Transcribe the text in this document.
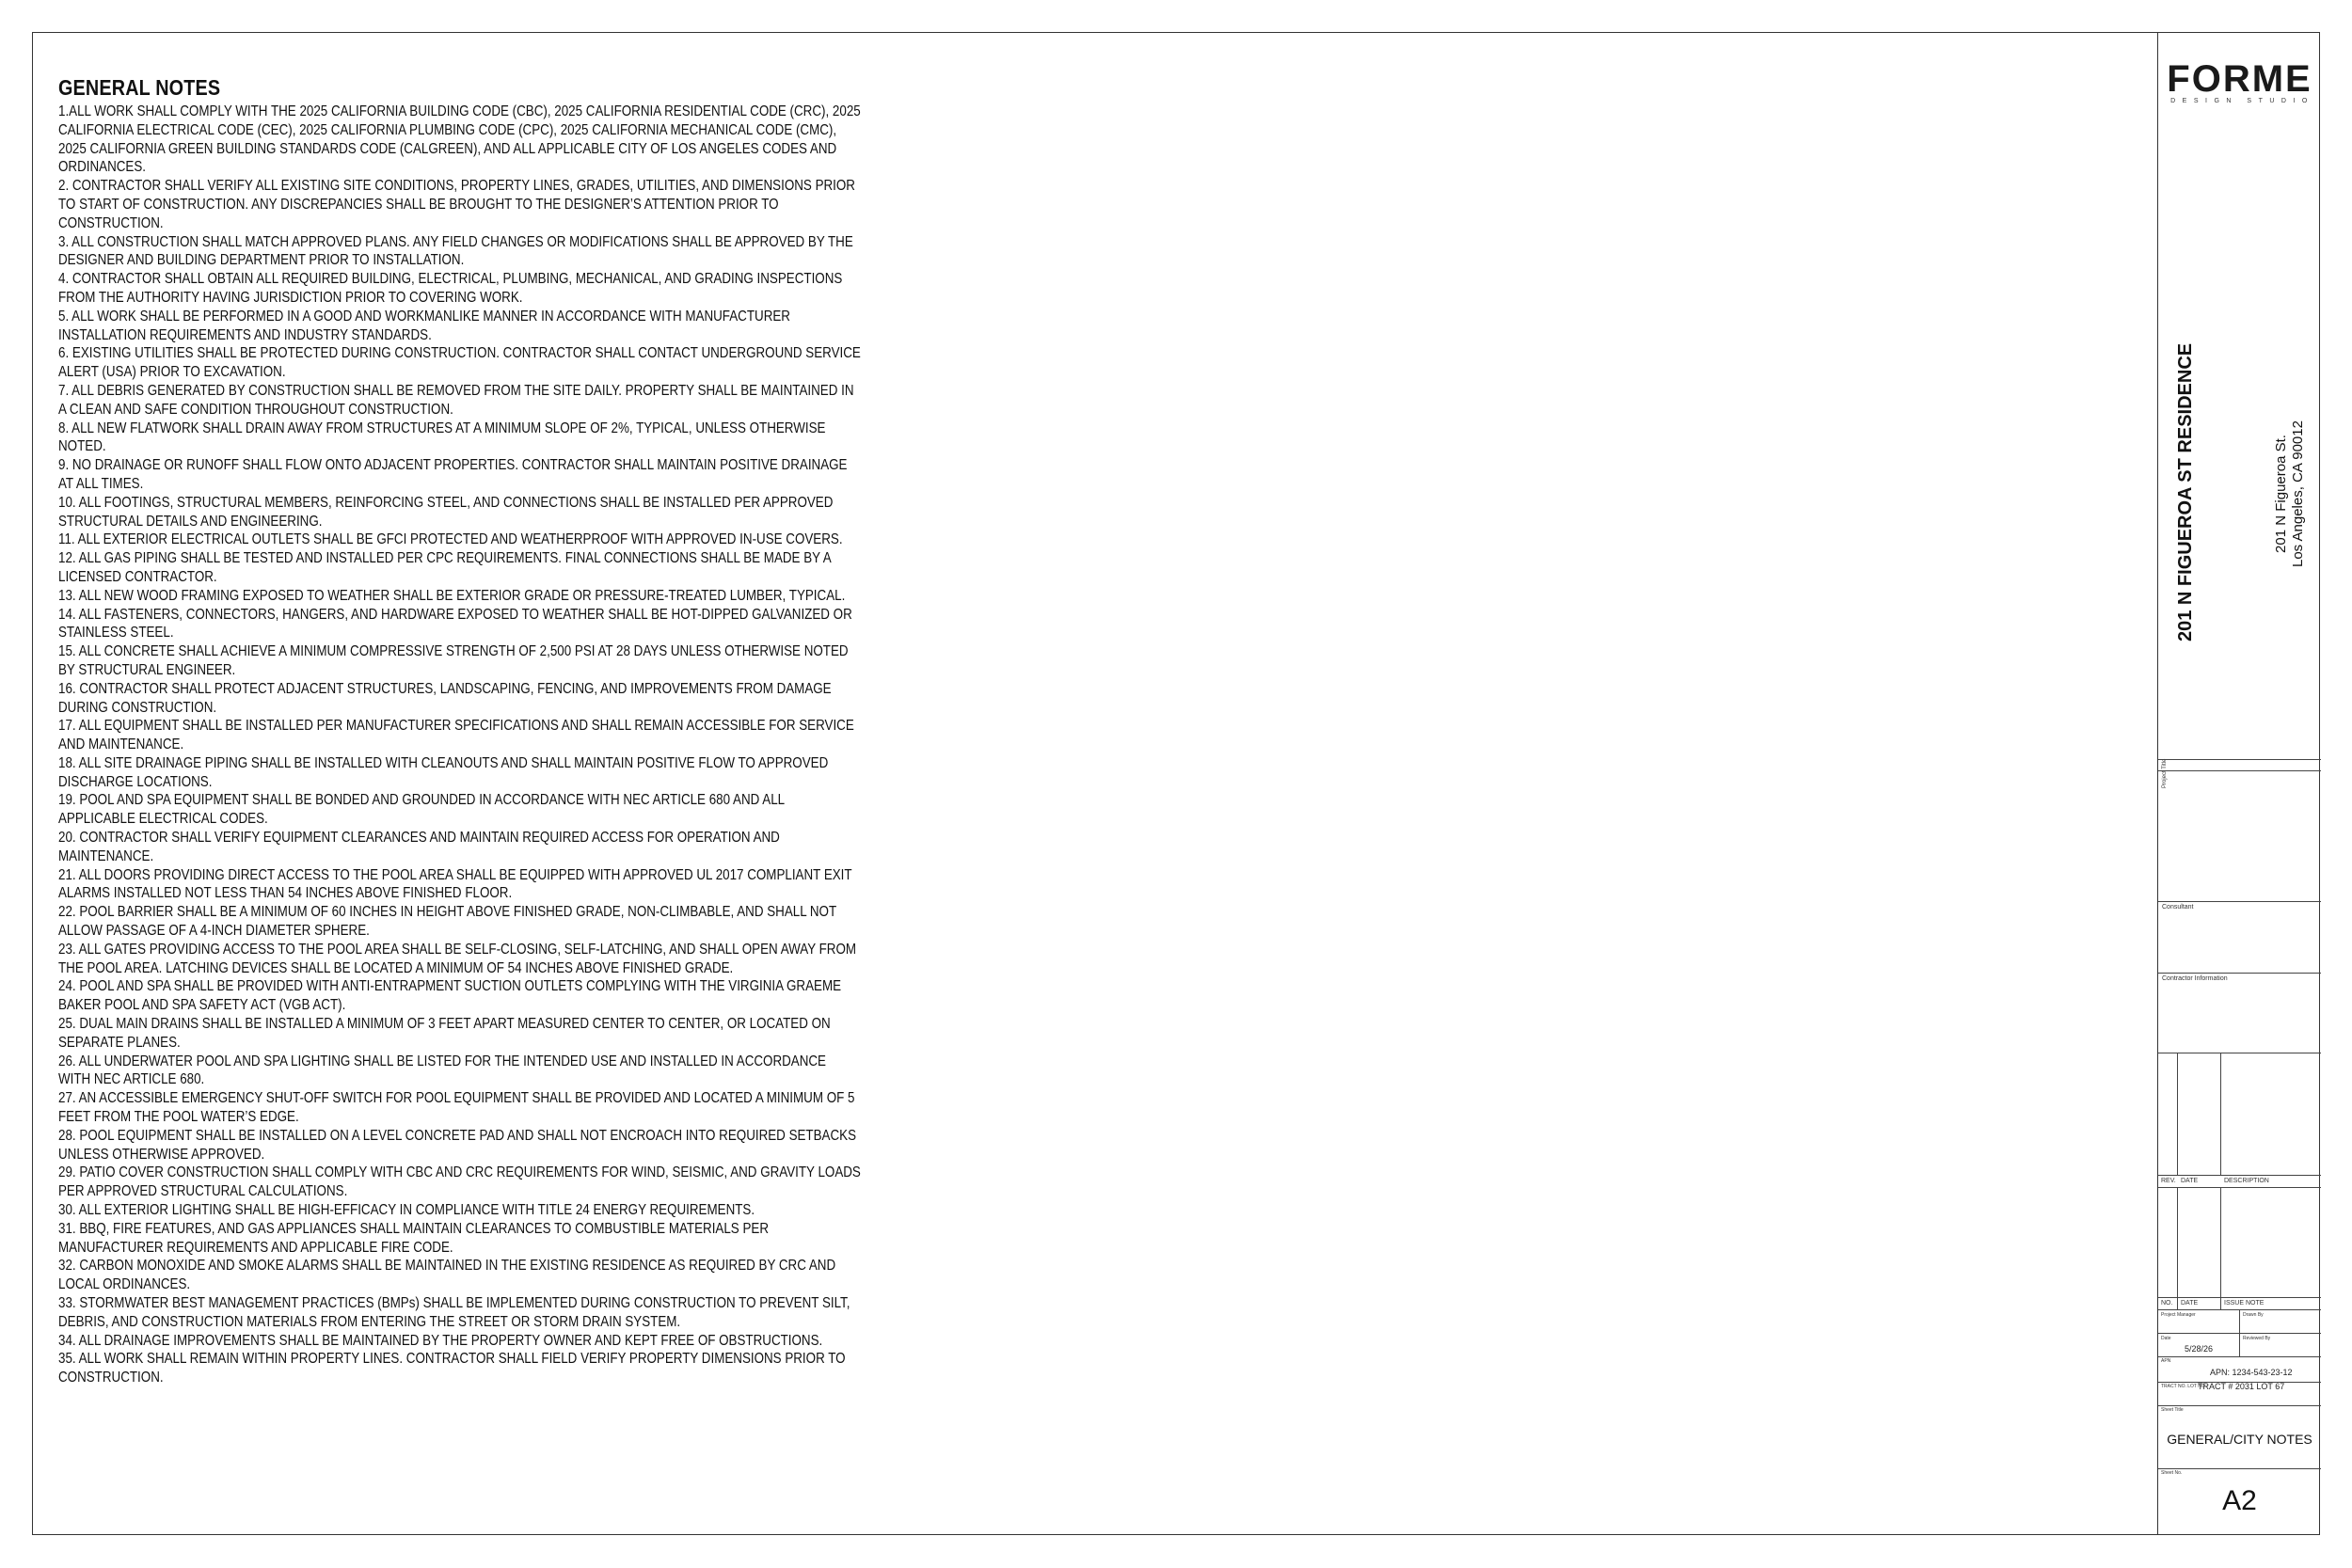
GENERAL NOTES
1.ALL WORK SHALL COMPLY WITH THE 2025 CALIFORNIA BUILDING CODE (CBC), 2025 CALIFORNIA RESIDENTIAL CODE (CRC), 2025
CALIFORNIA ELECTRICAL CODE (CEC), 2025 CALIFORNIA PLUMBING CODE (CPC), 2025 CALIFORNIA MECHANICAL CODE (CMC),
2025 CALIFORNIA GREEN BUILDING STANDARDS CODE (CALGREEN), AND ALL APPLICABLE CITY OF LOS ANGELES CODES AND
ORDINANCES.
2. CONTRACTOR SHALL VERIFY ALL EXISTING SITE CONDITIONS, PROPERTY LINES, GRADES, UTILITIES, AND DIMENSIONS PRIOR
TO START OF CONSTRUCTION. ANY DISCREPANCIES SHALL BE BROUGHT TO THE DESIGNER’S ATTENTION PRIOR TO
CONSTRUCTION.
3. ALL CONSTRUCTION SHALL MATCH APPROVED PLANS. ANY FIELD CHANGES OR MODIFICATIONS SHALL BE APPROVED BY THE
DESIGNER AND BUILDING DEPARTMENT PRIOR TO INSTALLATION.
4. CONTRACTOR SHALL OBTAIN ALL REQUIRED BUILDING, ELECTRICAL, PLUMBING, MECHANICAL, AND GRADING INSPECTIONS
FROM THE AUTHORITY HAVING JURISDICTION PRIOR TO COVERING WORK.
5. ALL WORK SHALL BE PERFORMED IN A GOOD AND WORKMANLIKE MANNER IN ACCORDANCE WITH MANUFACTURER
INSTALLATION REQUIREMENTS AND INDUSTRY STANDARDS.
6. EXISTING UTILITIES SHALL BE PROTECTED DURING CONSTRUCTION. CONTRACTOR SHALL CONTACT UNDERGROUND SERVICE
ALERT (USA) PRIOR TO EXCAVATION.
7. ALL DEBRIS GENERATED BY CONSTRUCTION SHALL BE REMOVED FROM THE SITE DAILY. PROPERTY SHALL BE MAINTAINED IN
A CLEAN AND SAFE CONDITION THROUGHOUT CONSTRUCTION.
8. ALL NEW FLATWORK SHALL DRAIN AWAY FROM STRUCTURES AT A MINIMUM SLOPE OF 2%, TYPICAL, UNLESS OTHERWISE
NOTED.
9. NO DRAINAGE OR RUNOFF SHALL FLOW ONTO ADJACENT PROPERTIES. CONTRACTOR SHALL MAINTAIN POSITIVE DRAINAGE
AT ALL TIMES.
10. ALL FOOTINGS, STRUCTURAL MEMBERS, REINFORCING STEEL, AND CONNECTIONS SHALL BE INSTALLED PER APPROVED
STRUCTURAL DETAILS AND ENGINEERING.
11. ALL EXTERIOR ELECTRICAL OUTLETS SHALL BE GFCI PROTECTED AND WEATHERPROOF WITH APPROVED IN-USE COVERS.
12. ALL GAS PIPING SHALL BE TESTED AND INSTALLED PER CPC REQUIREMENTS. FINAL CONNECTIONS SHALL BE MADE BY A
LICENSED CONTRACTOR.
13. ALL NEW WOOD FRAMING EXPOSED TO WEATHER SHALL BE EXTERIOR GRADE OR PRESSURE-TREATED LUMBER, TYPICAL.
14. ALL FASTENERS, CONNECTORS, HANGERS, AND HARDWARE EXPOSED TO WEATHER SHALL BE HOT-DIPPED GALVANIZED OR
STAINLESS STEEL.
15. ALL CONCRETE SHALL ACHIEVE A MINIMUM COMPRESSIVE STRENGTH OF 2,500 PSI AT 28 DAYS UNLESS OTHERWISE NOTED
BY STRUCTURAL ENGINEER.
16. CONTRACTOR SHALL PROTECT ADJACENT STRUCTURES, LANDSCAPING, FENCING, AND IMPROVEMENTS FROM DAMAGE
DURING CONSTRUCTION.
17. ALL EQUIPMENT SHALL BE INSTALLED PER MANUFACTURER SPECIFICATIONS AND SHALL REMAIN ACCESSIBLE FOR SERVICE
AND MAINTENANCE.
18. ALL SITE DRAINAGE PIPING SHALL BE INSTALLED WITH CLEANOUTS AND SHALL MAINTAIN POSITIVE FLOW TO APPROVED
DISCHARGE LOCATIONS.
19. POOL AND SPA EQUIPMENT SHALL BE BONDED AND GROUNDED IN ACCORDANCE WITH NEC ARTICLE 680 AND ALL
APPLICABLE ELECTRICAL CODES.
20. CONTRACTOR SHALL VERIFY EQUIPMENT CLEARANCES AND MAINTAIN REQUIRED ACCESS FOR OPERATION AND
MAINTENANCE.
21. ALL DOORS PROVIDING DIRECT ACCESS TO THE POOL AREA SHALL BE EQUIPPED WITH APPROVED UL 2017 COMPLIANT EXIT
ALARMS INSTALLED NOT LESS THAN 54 INCHES ABOVE FINISHED FLOOR.
22. POOL BARRIER SHALL BE A MINIMUM OF 60 INCHES IN HEIGHT ABOVE FINISHED GRADE, NON-CLIMBABLE, AND SHALL NOT
ALLOW PASSAGE OF A 4-INCH DIAMETER SPHERE.
23. ALL GATES PROVIDING ACCESS TO THE POOL AREA SHALL BE SELF-CLOSING, SELF-LATCHING, AND SHALL OPEN AWAY FROM
THE POOL AREA. LATCHING DEVICES SHALL BE LOCATED A MINIMUM OF 54 INCHES ABOVE FINISHED GRADE.
24. POOL AND SPA SHALL BE PROVIDED WITH ANTI-ENTRAPMENT SUCTION OUTLETS COMPLYING WITH THE VIRGINIA GRAEME
BAKER POOL AND SPA SAFETY ACT (VGB ACT).
25. DUAL MAIN DRAINS SHALL BE INSTALLED A MINIMUM OF 3 FEET APART MEASURED CENTER TO CENTER, OR LOCATED ON
SEPARATE PLANES.
26. ALL UNDERWATER POOL AND SPA LIGHTING SHALL BE LISTED FOR THE INTENDED USE AND INSTALLED IN ACCORDANCE
WITH NEC ARTICLE 680.
27. AN ACCESSIBLE EMERGENCY SHUT-OFF SWITCH FOR POOL EQUIPMENT SHALL BE PROVIDED AND LOCATED A MINIMUM OF 5
FEET FROM THE POOL WATER’S EDGE.
28. POOL EQUIPMENT SHALL BE INSTALLED ON A LEVEL CONCRETE PAD AND SHALL NOT ENCROACH INTO REQUIRED SETBACKS
UNLESS OTHERWISE APPROVED.
29. PATIO COVER CONSTRUCTION SHALL COMPLY WITH CBC AND CRC REQUIREMENTS FOR WIND, SEISMIC, AND GRAVITY LOADS
PER APPROVED STRUCTURAL CALCULATIONS.
30. ALL EXTERIOR LIGHTING SHALL BE HIGH-EFFICACY IN COMPLIANCE WITH TITLE 24 ENERGY REQUIREMENTS.
31. BBQ, FIRE FEATURES, AND GAS APPLIANCES SHALL MAINTAIN CLEARANCES TO COMBUSTIBLE MATERIALS PER
MANUFACTURER REQUIREMENTS AND APPLICABLE FIRE CODE.
32. CARBON MONOXIDE AND SMOKE ALARMS SHALL BE MAINTAINED IN THE EXISTING RESIDENCE AS REQUIRED BY CRC AND
LOCAL ORDINANCES.
33. STORMWATER BEST MANAGEMENT PRACTICES (BMPs) SHALL BE IMPLEMENTED DURING CONSTRUCTION TO PREVENT SILT,
DEBRIS, AND CONSTRUCTION MATERIALS FROM ENTERING THE STREET OR STORM DRAIN SYSTEM.
34. ALL DRAINAGE IMPROVEMENTS SHALL BE MAINTAINED BY THE PROPERTY OWNER AND KEPT FREE OF OBSTRUCTIONS.
35. ALL WORK SHALL REMAIN WITHIN PROPERTY LINES. CONTRACTOR SHALL FIELD VERIFY PROPERTY DIMENSIONS PRIOR TO
CONSTRUCTION.
FORME
DESIGN STUDIO
201 N FIGUEROA ST RESIDENCE
Project Title
Consultant
Contractor Information
REV. DATE	DESCRIPTION
NO. DATE	ISSUE NOTE
Project Manager	Drawn By
Date
5/28/26
Reviewed By
APN
APN: 1234-543-23-12
TRACT NO. LOT NO.
TRACT # 2031 LOT 67
Sheet Title
GENERAL/CITY NOTES
Sheet No.
A2
201 N Figueroa St. Los Angeles, CA 90012
